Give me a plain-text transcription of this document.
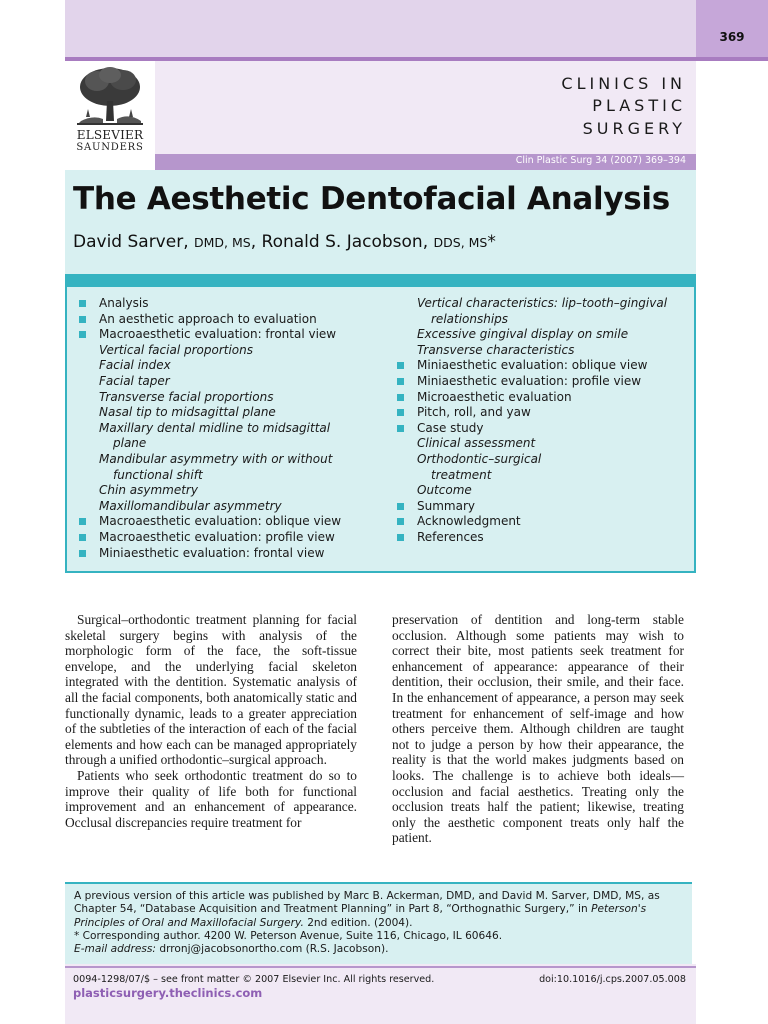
369
ELSEVIER
SAUNDERS
CLINICS IN
PLASTIC
SURGERY
Clin Plastic Surg 34 (2007) 369–394
The Aesthetic Dentofacial Analysis
David Sarver, DMD, MS, Ronald S. Jacobson, DDS, MS*
Analysis
An aesthetic approach to evaluation
Macroaesthetic evaluation: frontal view
Vertical facial proportions
Facial index
Facial taper
Transverse facial proportions
Nasal tip to midsagittal plane
Maxillary dental midline to midsagittal
plane
Mandibular asymmetry with or without
functional shift
Chin asymmetry
Maxillomandibular asymmetry
Macroaesthetic evaluation: oblique view
Macroaesthetic evaluation: profile view
Miniaesthetic evaluation: frontal view
Vertical characteristics: lip–tooth–gingival
relationships
Excessive gingival display on smile
Transverse characteristics
Miniaesthetic evaluation: oblique view
Miniaesthetic evaluation: profile view
Microaesthetic evaluation
Pitch, roll, and yaw
Case study
Clinical assessment
Orthodontic–surgical
treatment
Outcome
Summary
Acknowledgment
References

Surgical–orthodontic treatment planning for facial skeletal surgery begins with analysis of the morphologic form of the face, the soft-tissue envelope, and the underlying facial skeleton integrated with the dentition. Systematic analysis of all the facial components, both anatomically static and functionally dynamic, leads to a greater appreciation of the subtleties of the interaction of each of the facial elements and how each can be managed appropriately through a unified orthodontic–surgical approach.

Patients who seek orthodontic treatment do so to improve their quality of life both for functional improvement and an enhancement of appearance. Occlusal discrepancies require treatment for

preservation of dentition and long-term stable occlusion. Although some patients may wish to correct their bite, most patients seek treatment for enhancement of appearance: appearance of their dentition, their occlusion, their smile, and their face. In the enhancement of appearance, a person may seek treatment for enhancement of self-image and how others perceive them. Although children are taught not to judge a person by how their appearance, the reality is that the world makes judgments based on looks. The challenge is to achieve both ideals—occlusion and facial aesthetics. Treating only the occlusion treats half the patient; likewise, treating only the aesthetic component treats only half the patient.

A previous version of this article was published by Marc B. Ackerman, DMD, and David M. Sarver, DMD, MS, as Chapter 54, “Database Acquisition and Treatment Planning” in Part 8, “Orthognathic Surgery,” in Peterson's Principles of Oral and Maxillofacial Surgery. 2nd edition. (2004).

* Corresponding author. 4200 W. Peterson Avenue, Suite 116, Chicago, IL 60646.

E-mail address: drronj@jacobsonortho.com (R.S. Jacobson).

0094-1298/07/$ – see front matter © 2007 Elsevier Inc. All rights reserved.	doi:10.1016/j.cps.2007.05.008
plasticsurgery.theclinics.com
